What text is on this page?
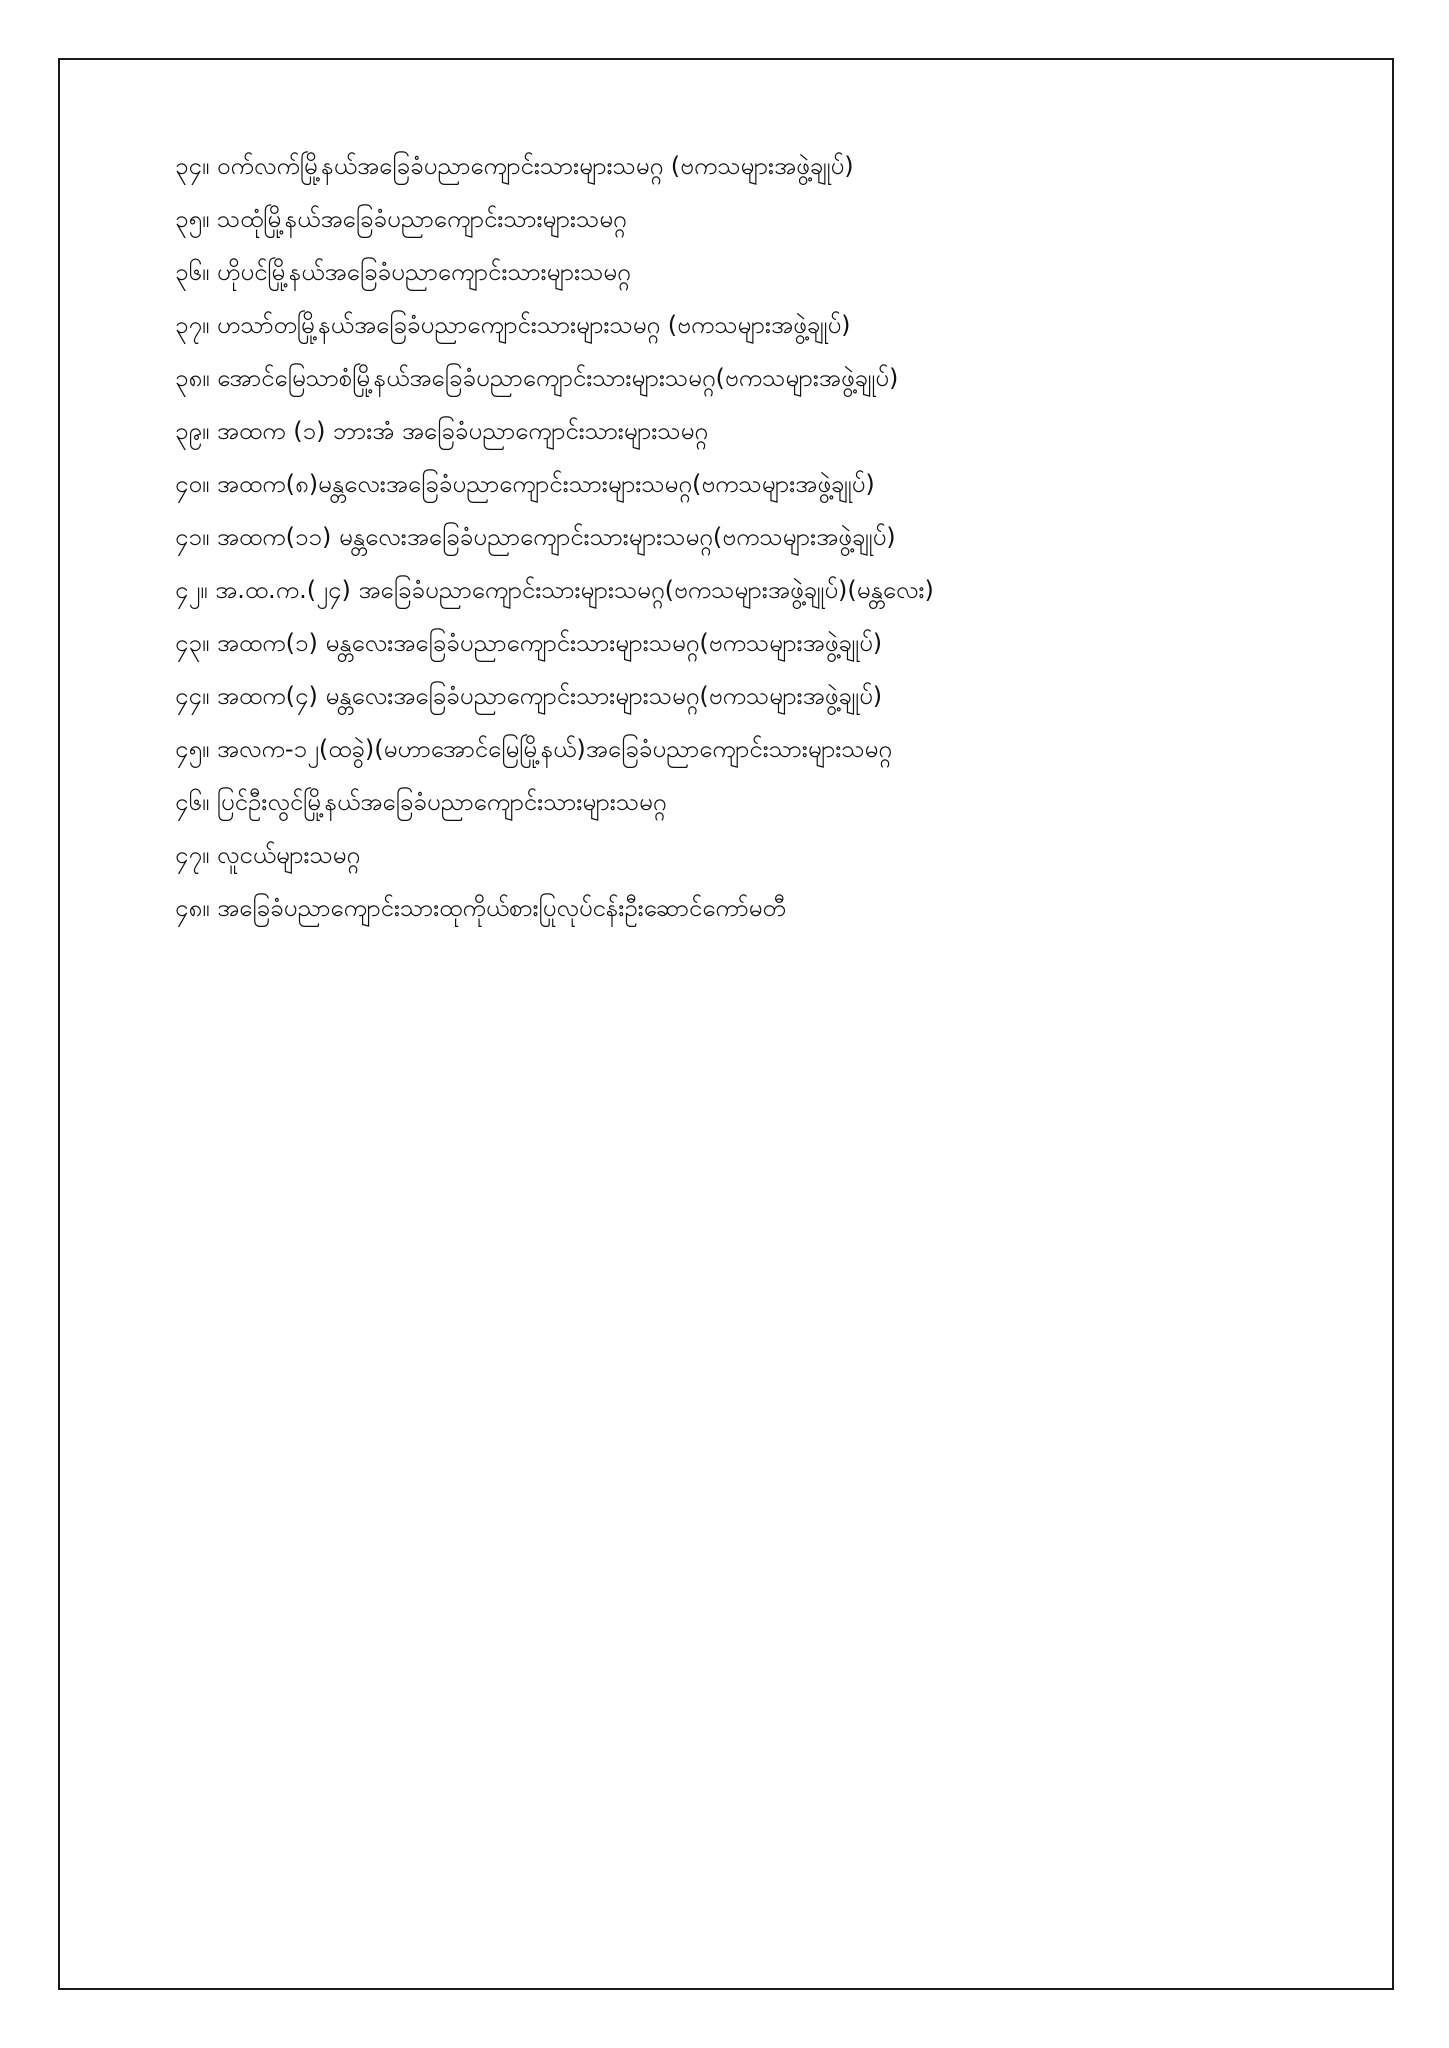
၃၄။ ဝက်လက်မြို့နယ်အခြေခံပညာကျောင်းသားများသမဂ္ဂ (ဗကသများအဖွဲ့ချုပ်)
၃၅။ သထုံမြို့နယ်အခြေခံပညာကျောင်းသားများသမဂ္ဂ
၃၆။ ဟိုပင်မြို့နယ်အခြေခံပညာကျောင်းသားများသမဂ္ဂ
၃၇။ ဟသာ်တမြို့နယ်အခြေခံပညာကျောင်းသားများသမဂ္ဂ (ဗကသများအဖွဲ့ချုပ်)
၃၈။ အောင်မြေသာစံမြို့နယ်အခြေခံပညာကျောင်းသားများသမဂ္ဂ(ဗကသများအဖွဲ့ချုပ်)
၃၉။ အထက (၁) ဘားအံ အခြေခံပညာကျောင်းသားများသမဂ္ဂ
၄၀။ အထက(၈)မန္တလေးအခြေခံပညာကျောင်းသားများသမဂ္ဂ(ဗကသများအဖွဲ့ချုပ်)
၄၁။ အထက(၁၁) မန္တလေးအခြေခံပညာကျောင်းသားများသမဂ္ဂ(ဗကသများအဖွဲ့ချုပ်)
၄၂။ အ.ထ.က.(၂၄) အခြေခံပညာကျောင်းသားများသမဂ္ဂ(ဗကသများအဖွဲ့ချုပ်)(မန္တလေး)
၄၃။ အထက(၁) မန္တလေးအခြေခံပညာကျောင်းသားများသမဂ္ဂ(ဗကသများအဖွဲ့ချုပ်)
၄၄။ အထက(၄) မန္တလေးအခြေခံပညာကျောင်းသားများသမဂ္ဂ(ဗကသများအဖွဲ့ချုပ်)
၄၅။ အလက-၁၂(ထခွဲ)(မဟာအောင်မြေမြို့နယ်)အခြေခံပညာကျောင်းသားများသမဂ္ဂ
၄၆။ ပြင်ဦးလွင်မြို့နယ်အခြေခံပညာကျောင်းသားများသမဂ္ဂ
၄၇။ လူငယ်များသမဂ္ဂ
၄၈။ အခြေခံပညာကျောင်းသားထုကိုယ်စားပြုလုပ်ငန်းဦးဆောင်ကော်မတီ
